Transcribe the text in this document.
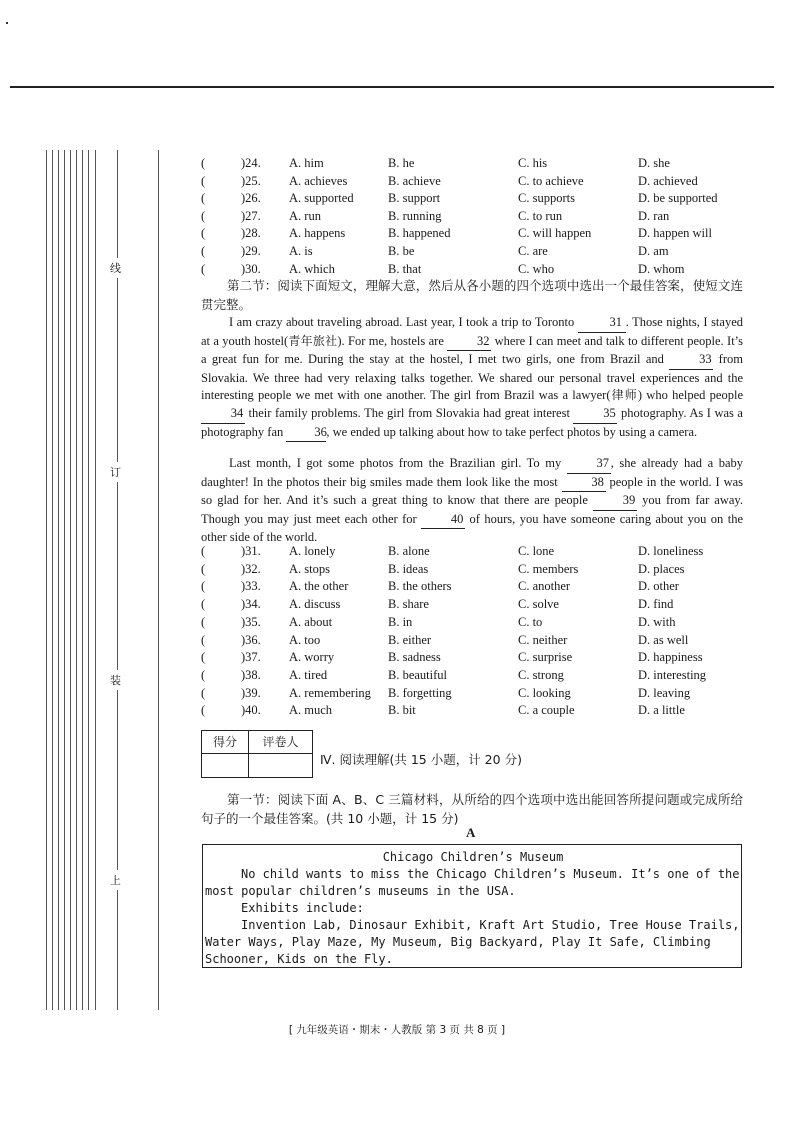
线
订
装
上
(	)24. A. him	B. he	C. his	D. she
(	)25. A. achieves	B. achieve	C. to achieve	D. achieved
(	)26. A. supported	B. support	C. supports	D. be supported
(	)27. A. run	B. running	C. to run	D. ran
(	)28. A. happens	B. happened	C. will happen	D. happen will
(	)29. A. is	B. be	C. are	D. am
(	)30. A. which	B. that	C. who	D. whom

第二节：阅读下面短文，理解大意，然后从各小题的四个选项中选出一个最佳答案，使短文连贯完整。

I am crazy about traveling abroad. Last year, I took a trip to Toronto	31 . Those nights, I stayed at a youth hostel(青年旅社). For me, hostels are 32 where I can meet and talk to different people. It’s a great fun for me. During the stay at the hostel, I met two girls, one from Brazil and 33 from Slovakia. We three had very relaxing talks together. We shared our personal travel experiences and the interesting people we met with one another. The girl from Brazil was a lawyer(律师) who helped people 34 their family problems. The girl from Slovakia had great interest 35 photography. As I was a photography fan 36, we ended up talking about how to take perfect photos by using a camera.

Last month, I got some photos from the Brazilian girl. To my 37 , she already had a baby daughter! In the photos their big smiles made them look like the most 38 people in the world. I was so glad for her. And it’s such a great thing to know that there are people 39 you from far away. Though you may just meet each other for 40 of hours, you have someone caring about you on the other side of the world.

(	)31. A. lonely	B. alone	C. lone	D. loneliness
(	)32. A. stops	B. ideas	C. members	D. places
(	)33. A. the other	B. the others	C. another	D. other
(	)34. A. discuss	B. share	C. solve	D. find
(	)35. A. about	B. in	C. to	D. with
(	)36. A. too	B. either	C. neither	D. as well
(	)37. A. worry	B. sadness	C. surprise	D. happiness
(	)38. A. tired	B. beautiful	C. strong	D. interesting
(	)39. A. remembering B. forgetting	C. looking	D. leaving
(	)40. A. much	B. bit	C. a couple	D. a little
得分	评卷人
Ⅳ. 阅读理解(共 15 小题，计 20 分)

第一节：阅读下面 A、B、C 三篇材料，从所给的四个选项中选出能回答所提问题或完成所给句子的一个最佳答案。(共 10 小题，计 15 分)

A
Chicago Children’s Museum
No child wants to miss the Chicago Children’s Museum. It’s one of the most popular children’s museums in the USA.
Exhibits include:
Invention Lab, Dinosaur Exhibit, Kraft Art Studio, Tree House Trails, Water Ways, Play Maze, My Museum, Big Backyard, Play It Safe, Climbing Schooner, Kids on the Fly.
[ 九年级英语・期末・人教版 第 3 页 共 8 页 ]
